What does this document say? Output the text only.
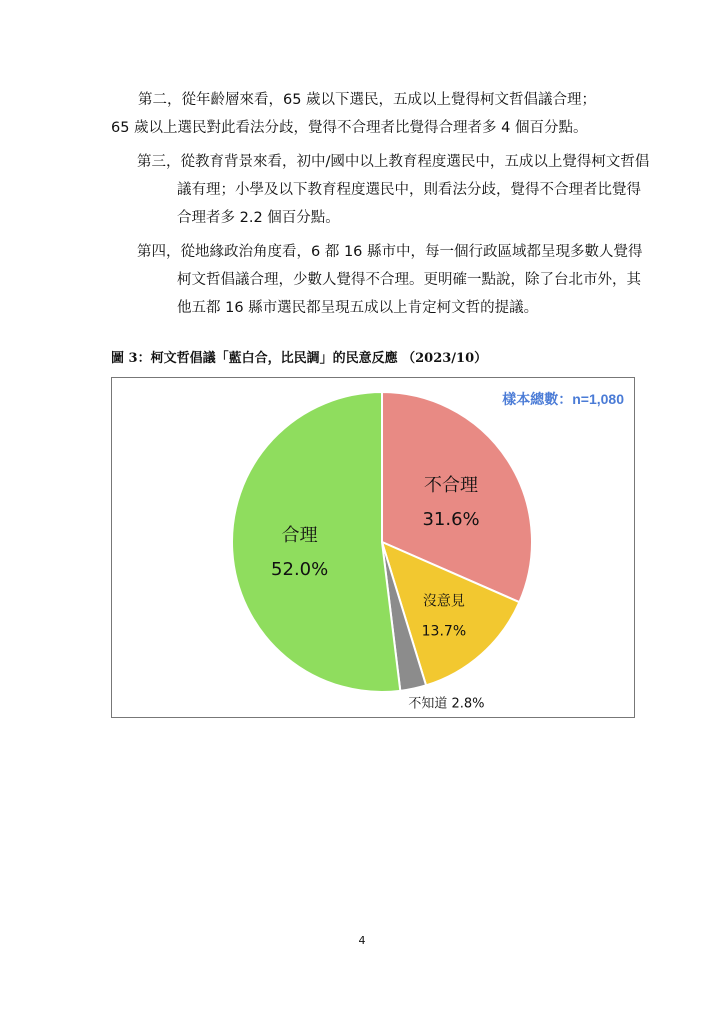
第二，從年齡層來看，65 歲以下選民，五成以上覺得柯文哲倡議合理；65 歲以上選民對此看法分歧，覺得不合理者比覺得合理者多 4 個百分點。

第三，從教育背景來看，初中/國中以上教育程度選民中，五成以上覺得柯文哲倡議有理；小學及以下教育程度選民中，則看法分歧，覺得不合理者比覺得合理者多 2.2 個百分點。

第四，從地緣政治角度看，6 都 16 縣市中，每一個行政區域都呈現多數人覺得柯文哲倡議合理，少數人覺得不合理。更明確一點說，除了台北市外，其他五都 16 縣市選民都呈現五成以上肯定柯文哲的提議。

圖 3：柯文哲倡議「藍白合，比民調」的民意反應 （2023/10）
不合理
31.6%
沒意見
13.7%
不知道 2.8%
合理
52.0%
樣本總數：n=1,080
4
